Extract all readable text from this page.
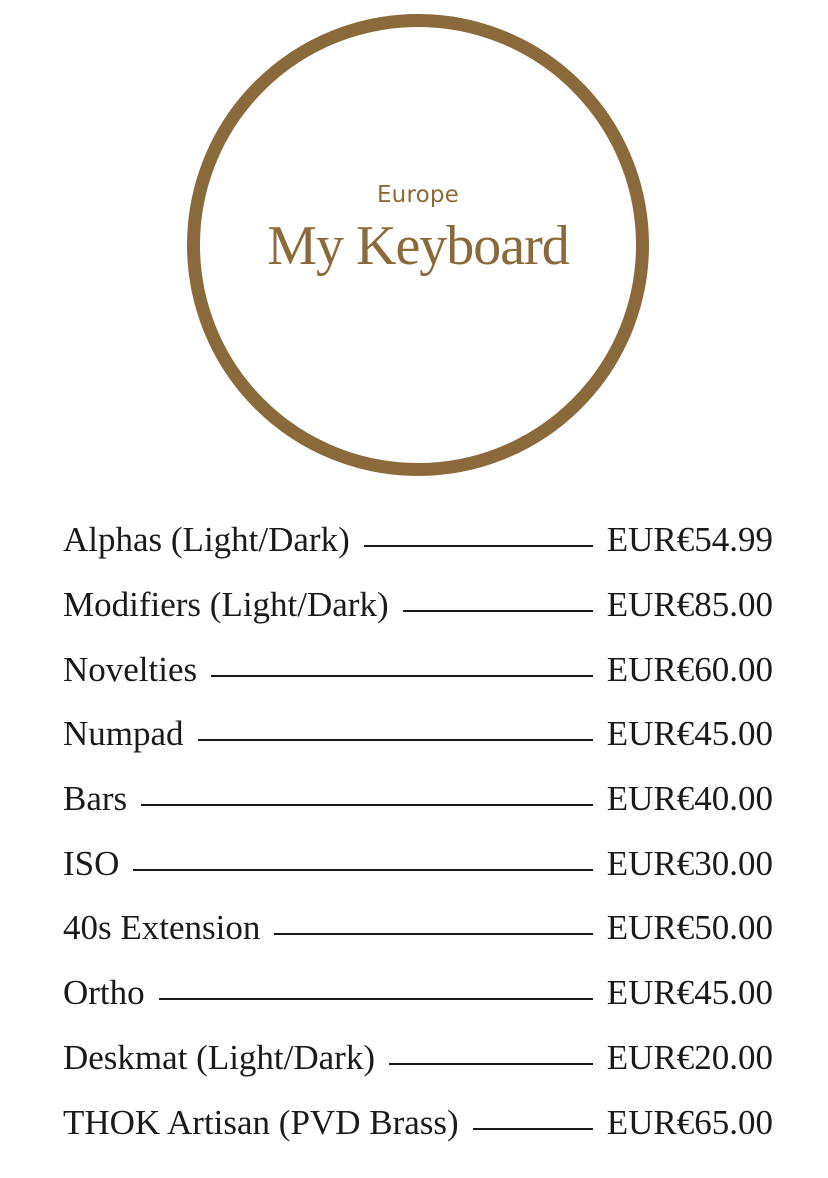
Europe
My Keyboard
Alphas (Light/Dark)	EUR€54.99
Modifiers (Light/Dark)	EUR€85.00
Novelties	EUR€60.00
Numpad	EUR€45.00
Bars	EUR€40.00
ISO	EUR€30.00
40s Extension	EUR€50.00
Ortho	EUR€45.00
Deskmat (Light/Dark)	EUR€20.00
THOK Artisan (PVD Brass)	EUR€65.00
